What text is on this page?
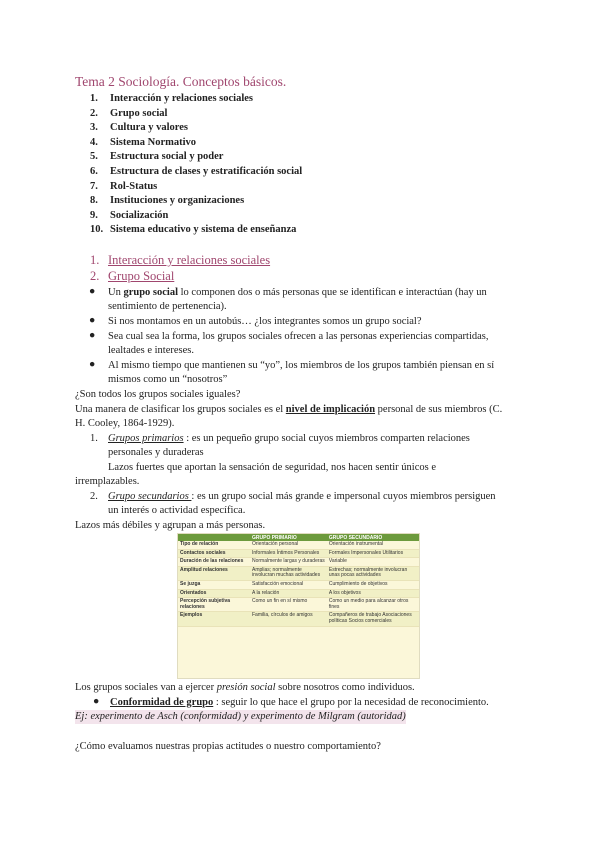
Tema 2 Sociología. Conceptos básicos.
1. Interacción y relaciones sociales
2. Grupo social
3. Cultura y valores
4. Sistema Normativo
5. Estructura social y poder
6. Estructura de clases y estratificación social
7. Rol-Status
8. Instituciones y organizaciones
9. Socialización
10. Sistema educativo y sistema de enseñanza
1. Interacción y relaciones sociales
2. Grupo Social
● Un grupo social lo componen dos o más personas que se identifican e interactúan (hay un
sentimiento de pertenencia).
● Si nos montamos en un autobús… ¿los integrantes somos un grupo social?
● Sea cual sea la forma, los grupos sociales ofrecen a las personas experiencias compartidas,
lealtades e intereses.
● Al mismo tiempo que mantienen su “yo”, los miembros de los grupos también piensan en sí
mismos como un “nosotros”
¿Son todos los grupos sociales iguales?
Una manera de clasificar los grupos sociales es el nivel de implicación personal de sus miembros (C.
H. Cooley, 1864-1929).
1. Grupos primarios : es un pequeño grupo social cuyos miembros comparten relaciones
personales y duraderas
Lazos fuertes que aportan la sensación de seguridad, nos hacen sentir únicos e
irremplazables.
2. Grupo secundarios : es un grupo social más grande e impersonal cuyos miembros persiguen
un interés o actividad específica.
Lazos más débiles y agrupan a más personas.
	GRUPO PRIMARIO	GRUPO SECUNDARIO
Tipo de relación	Orientación personal	Orientación instrumental
Contactos sociales	Informales Íntimos Personales	Formales Impersonales Utilitarios
Duración de las relaciones	Normalmente largas y duraderas	Variable
Amplitud relaciones	Amplias; normalmente involucran muchas actividades	Estrechas; normalmente involucran unas pocas actividades
Se juzga	Satisfacción emocional	Cumplimiento de objetivos
Orientados	A la relación	A los objetivos
Percepción subjetiva relaciones	Como un fin en sí mismo	Como un medio para alcanzar otros fines
Ejemplos	Familia, círculos de amigos	Compañeros de trabajo Asociaciones políticas Socios comerciales
Los grupos sociales van a ejercer presión social sobre nosotros como individuos.
● Conformidad de grupo : seguir lo que hace el grupo por la necesidad de reconocimiento.
Ej: experimento de Asch (conformidad) y experimento de Milgram (autoridad)
¿Cómo evaluamos nuestras propias actitudes o nuestro comportamiento?
